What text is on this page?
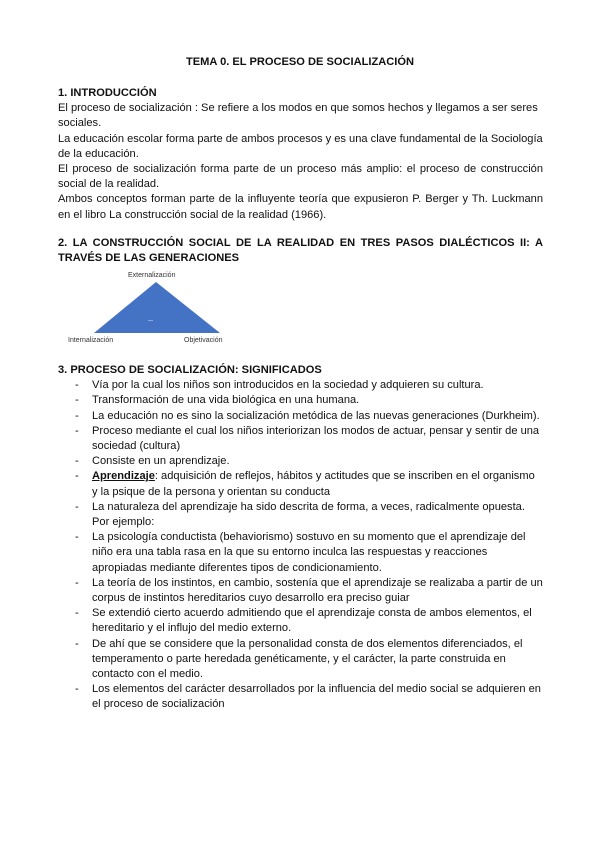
TEMA 0. EL PROCESO DE SOCIALIZACIÓN

1. INTRODUCCIÓN

El proceso de socialización : Se refiere a los modos en que somos hechos y llegamos a ser seres sociales.

La educación escolar forma parte de ambos procesos y es una clave fundamental de la Sociología de la educación.

El proceso de socialización forma parte de un proceso más amplio: el proceso de construcción social de la realidad.

Ambos conceptos forman parte de la influyente teoría que expusieron P. Berger y Th. Luckmann en el libro La construcción social de la realidad (1966).

2. LA CONSTRUCCIÓN SOCIAL DE LA REALIDAD EN TRES PASOS DIALÉCTICOS II: A TRAVÉS DE LAS GENERACIONES

Externalización
—
Internalización	Objetivación

3. PROCESO DE SOCIALIZACIÓN: SIGNIFICADOS

- Vía por la cual los niños son introducidos en la sociedad y adquieren su cultura.
- Transformación de una vida biológica en una humana.
- La educación no es sino la socialización metódica de las nuevas generaciones (Durkheim).
- Proceso mediante el cual los niños interiorizan los modos de actuar, pensar y sentir de una sociedad (cultura)
- Consiste en un aprendizaje.
- Aprendizaje: adquisición de reflejos, hábitos y actitudes que se inscriben en el organismo y la psique de la persona y orientan su conducta
- La naturaleza del aprendizaje ha sido descrita de forma, a veces, radicalmente opuesta. Por ejemplo:
- La psicología conductista (behaviorismo) sostuvo en su momento que el aprendizaje del niño era una tabla rasa en la que su entorno inculca las respuestas y reacciones apropiadas mediante diferentes tipos de condicionamiento.
- La teoría de los instintos, en cambio, sostenía que el aprendizaje se realizaba a partir de un corpus de instintos hereditarios cuyo desarrollo era preciso guiar
- Se extendió cierto acuerdo admitiendo que el aprendizaje consta de ambos elementos, el hereditario y el influjo del medio externo.
- De ahí que se considere que la personalidad consta de dos elementos diferenciados, el temperamento o parte heredada genéticamente, y el carácter, la parte construida en contacto con el medio.
- Los elementos del carácter desarrollados por la influencia del medio social se adquieren en el proceso de socialización
